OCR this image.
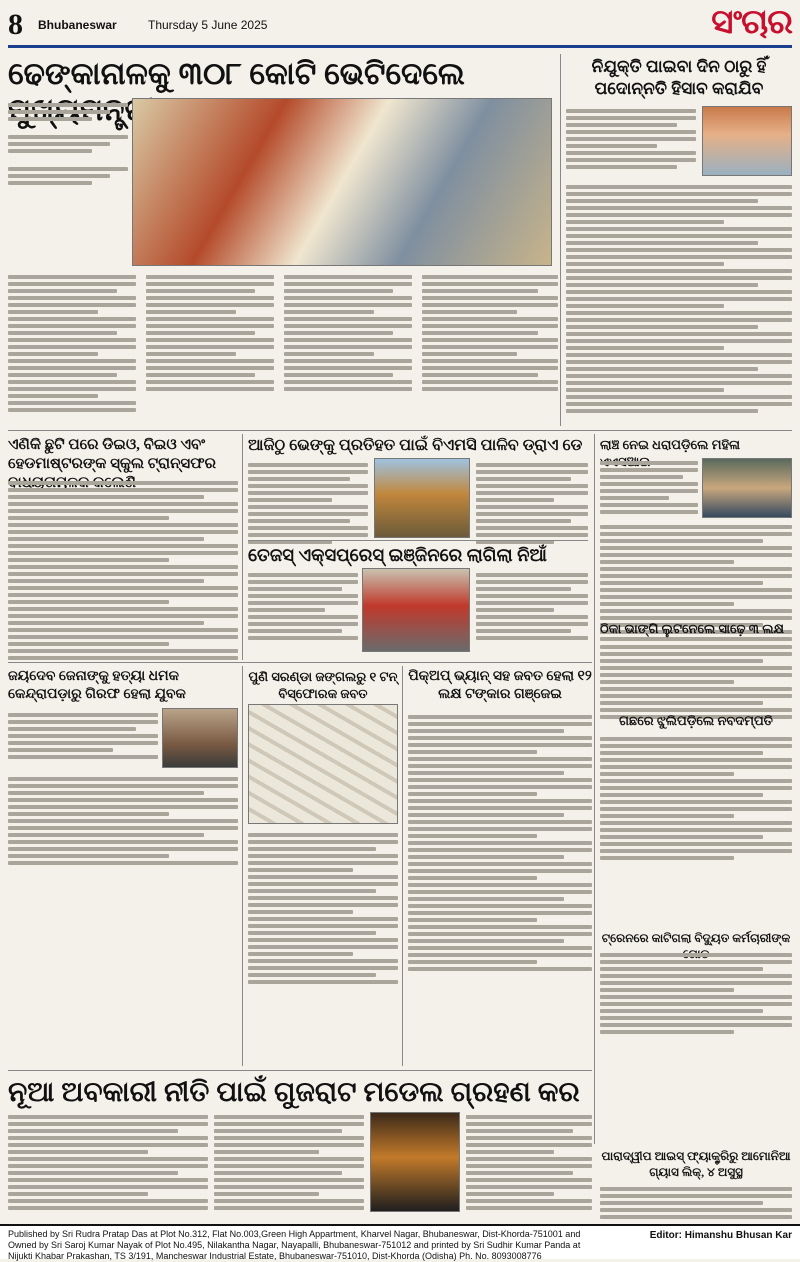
8 Bhubaneswar	Thursday 5 June 2025	ସଂଚାର
ଢେଙ୍କାନାଳକୁ ୩୦୮ କୋଟି ଭେଟିଦେଲେ	ନିଯୁକ୍ତି ପାଇବା ଦିନ ଠାରୁ ହିଁ ପଦୋନ୍ନତି ହିସାବ କରାଯିବ
ଏଣିକି ଛୁଟି ପରେ ଡିଇଓ, ବିଇଓ ଏବଂ ହେଡମାଷ୍ଟରଙ୍କ ସ୍କୁଲ ଟ୍ରାନ୍ସଫର
ଆଜିଠୁ ଭେଙ୍କୁ ପ୍ରତିହତ ପାଇଁ ବିଏମସି ପାଳିବ ଡ୍ରାଏ ଡେ	ଲାଞ୍ଚ ନେଇ ଧରାପଡ଼ିଲେ ମହିଳା
ତେଜସ୍ ଏକ୍ସପ୍ରେସ୍ ଇଞ୍ଜିନରେ ଲାଗିଲା ନିଆଁ
ଠିକା ଭାଙ୍ଗି ଲୁଟନେଲେ ସାଢ଼େ ୩ ଲକ୍ଷ
ଜୟଦେବ ଜେନାଙ୍କୁ ହତ୍ୟା ଧମକ କେନ୍ଦ୍ରାପଡ଼ାରୁ ଗିରଫ ହେଲା ଯୁବକ
ପୁଣି ସରଣ୍ଡା ଜଙ୍ଗଲରୁ ୧ ଟନ୍ ବିସ୍ଫୋରକ ଜବତ
ପିକ୍‌ଅପ୍ ଭ୍ୟାନ୍ ସହ ଜବତ ହେଲା ୧୨ ଲକ୍ଷ ଟଙ୍କାର ଗଞ୍ଜେଇ
ଗଛରେ ଝୁଲିପଡ଼ିଲେ ନବଦମ୍ପତି
ଟ୍ରେନରେ କାଟିଗଲା ବିଦ୍ୟୁତ କର୍ମଚାରୀଙ୍କ
ନୂଆ ଅବକାରୀ ନୀତି ପାଇଁ ଗୁଜରାଟ ମଡେଲ ଗ୍ରହଣ କର
ପାରାଦ୍ୱୀପ ଆଇସ୍ ଫ୍ୟାକ୍ଟ୍ରିରୁ ଆମୋନିଆ ଗ୍ୟାସ ଲିକ୍, ୪ ଅସୁସ୍ଥ
Published by Sri Rudra Pratap Das at Plot No.312, Flat No.003,Green High Appartment, Kharvel Nagar, Bhubaneswar, Dist-Khorda-751001 and Owned by Sri Saroj Kumar Nayak of Plot No.495, Nilakantha Nagar, Nayapalli, Bhubaneswar-751012 and printed by Sri Sudhir Kumar Panda at Nijukti Khabar Prakashan, TS 3/191, Mancheswar Industrial Estate, Bhubaneswar-751010, Dist-Khorda (Odisha) Ph. No. 8093008776
Editor: Himanshu Bhusan Kar
